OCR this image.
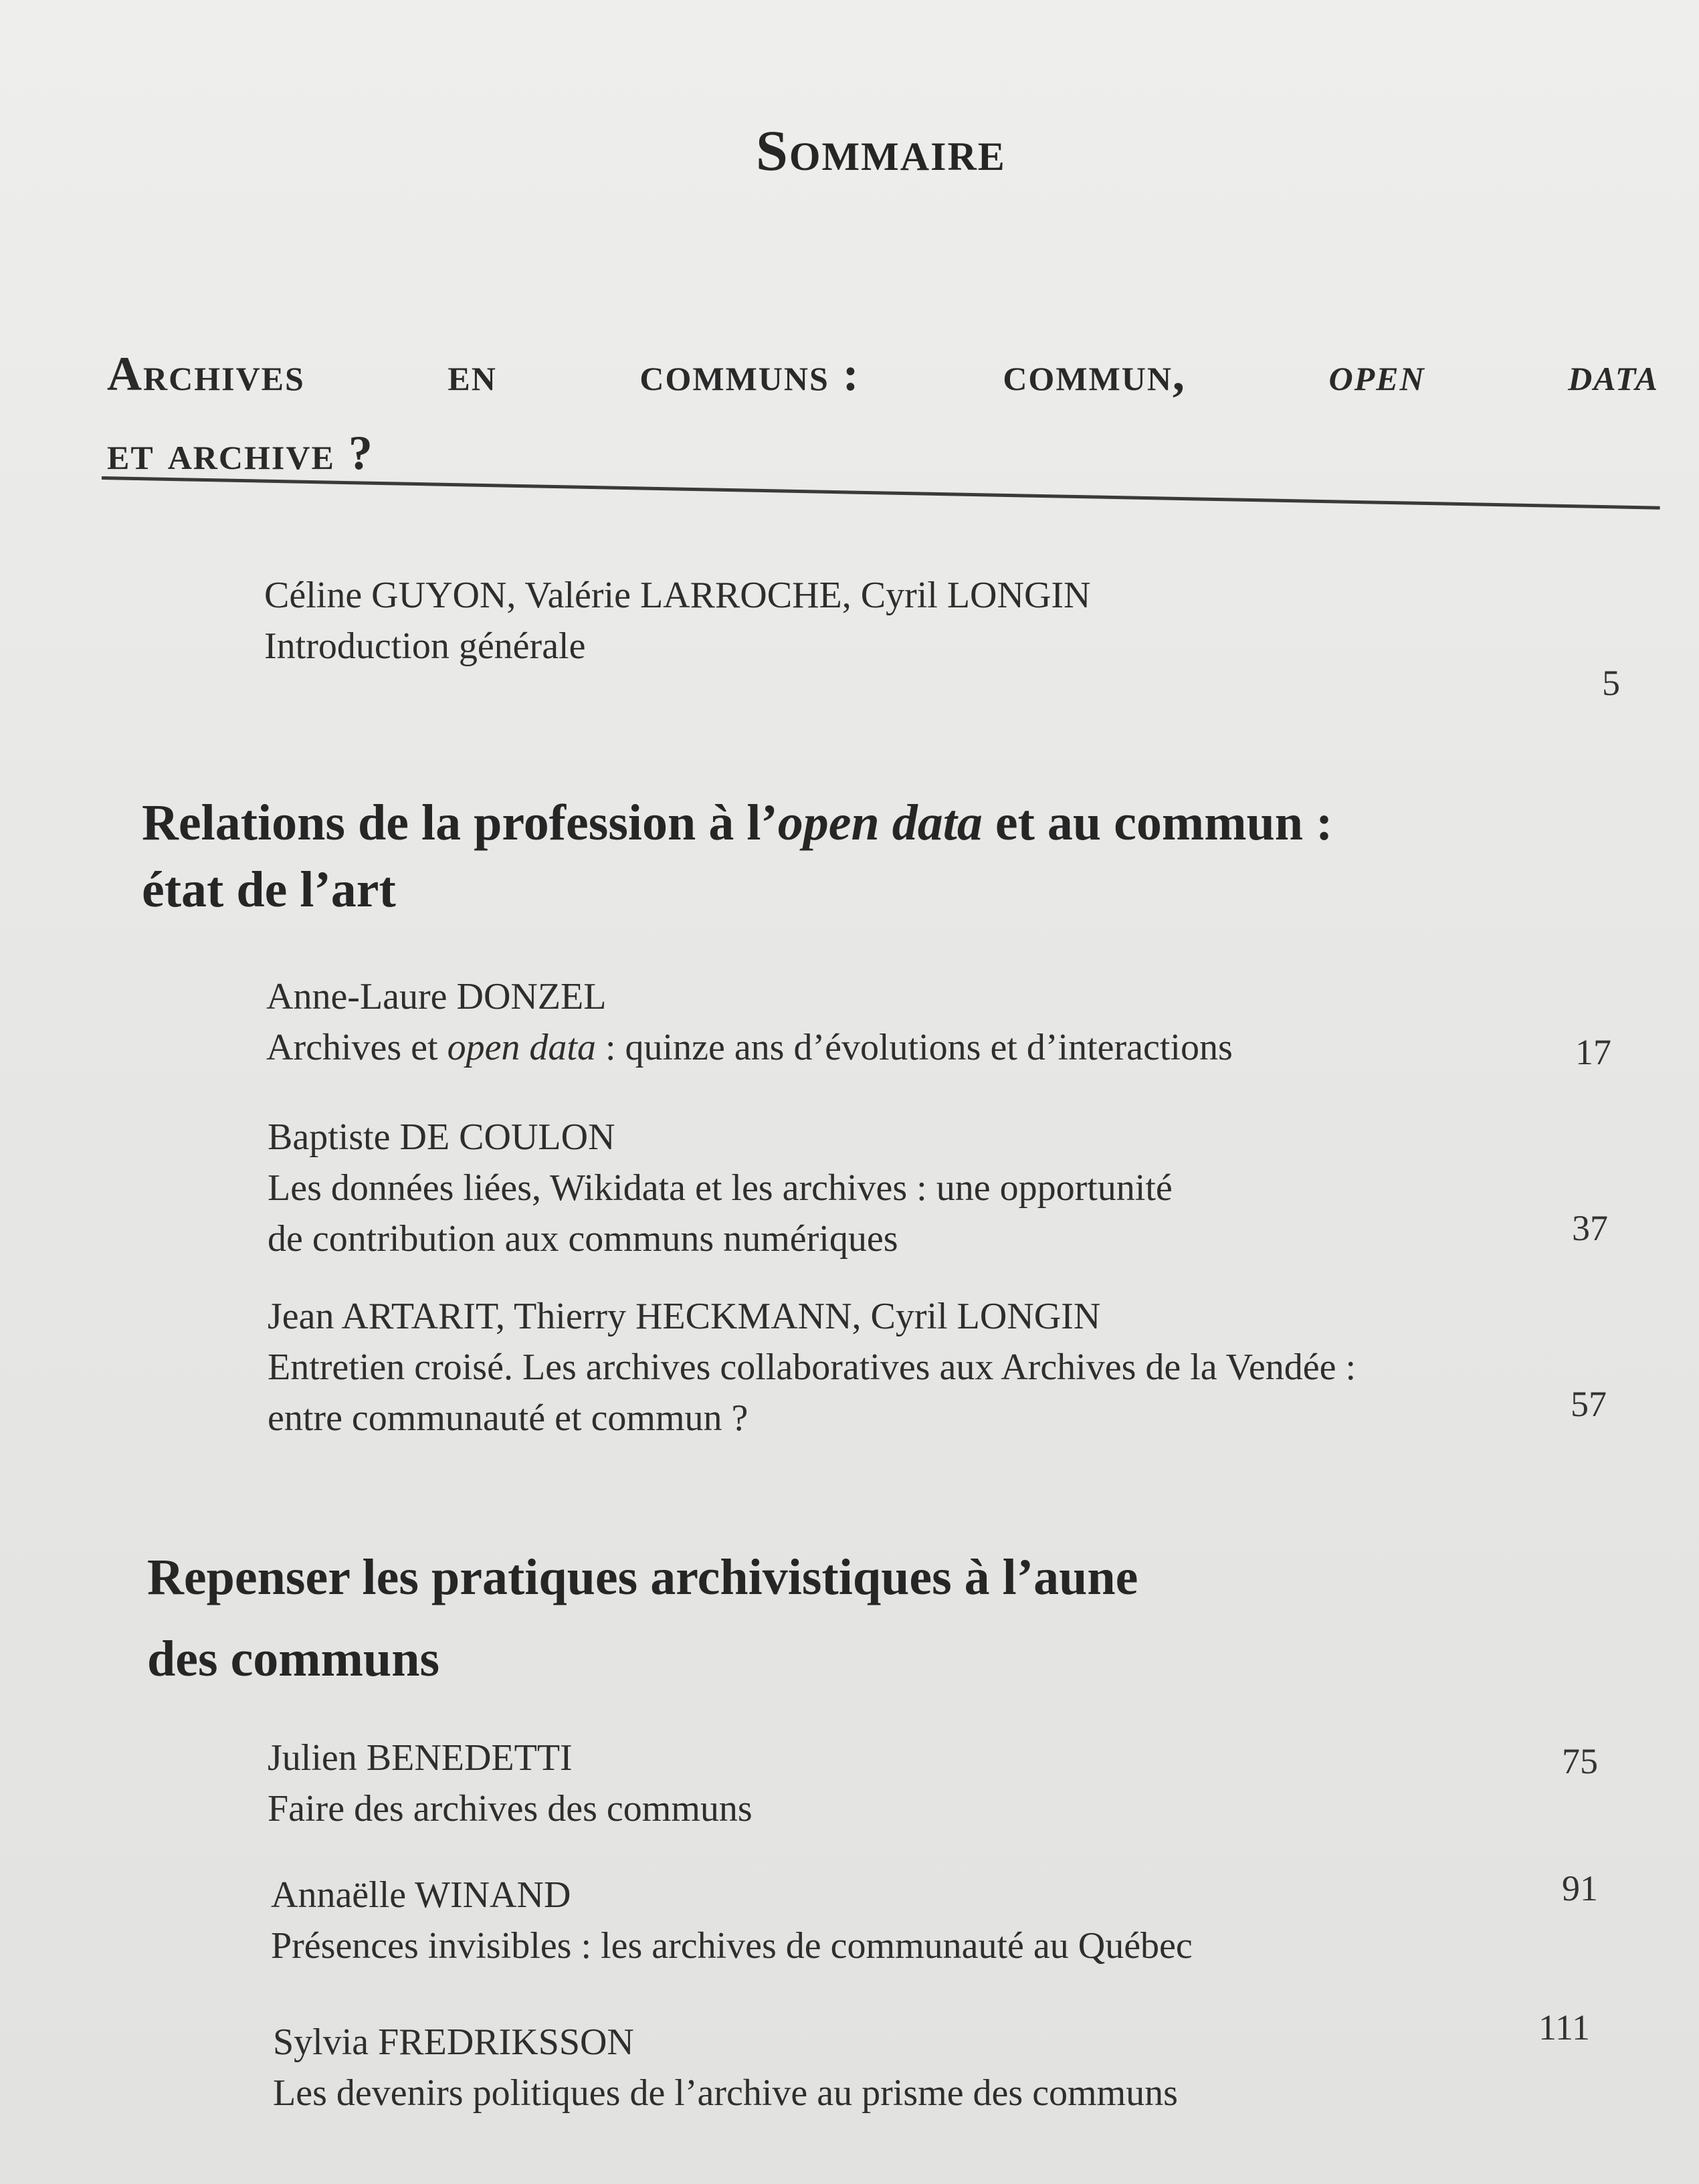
Sommaire
Archives	en	communs :	commun,	open	data
et archive ?
Céline GUYON, Valérie LARROCHE, Cyril LONGIN
Introduction générale
5
Relations de la profession à l’open data et au commun :
état de l’art
Anne-Laure DONZEL
Archives et open data : quinze ans d’évolutions et d’interactions	17
Baptiste DE COULON
Les données liées, Wikidata et les archives : une opportunité
de contribution aux communs numériques	37
Jean ARTARIT, Thierry HECKMANN, Cyril LONGIN
Entretien croisé. Les archives collaboratives aux Archives de la Vendée :
entre communauté et commun ?	57
Repenser les pratiques archivistiques à l’aune
des communs
Julien BENEDETTI
Faire des archives des communs
75
Annaëlle WINAND
Présences invisibles : les archives de communauté au Québec
91
Sylvia FREDRIKSSON
Les devenirs politiques de l’archive au prisme des communs
111
